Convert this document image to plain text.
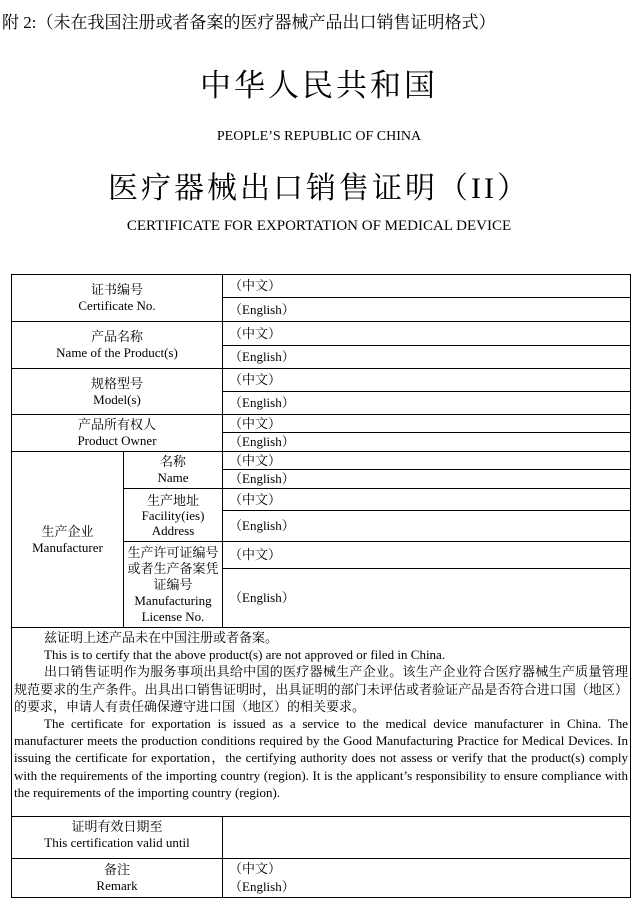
附 2:（未在我国注册或者备案的医疗器械产品出口销售证明格式）
中华人民共和国
PEOPLE’S REPUBLIC OF CHINA
医疗器械出口销售证明（II）
CERTIFICATE FOR EXPORTATION OF MEDICAL DEVICE
证书编号
Certificate No.
（中文）
（English）
产品名称
Name of the Product(s)
（中文）
（English）
规格型号
Model(s)
（中文）
（English）
产品所有权人
Product Owner
（中文）
（English）
生产企业
Manufacturer
名称
Name
（中文）
（English）
生产地址
Facility(ies) Address
（中文）
（English）
生产许可证编号或者生产备案凭证编号
Manufacturing License No.
（中文）
（English）
兹证明上述产品未在中国注册或者备案。
This is to certify that the above product(s) are not approved or filed in China.
出口销售证明作为服务事项出具给中国的医疗器械生产企业。该生产企业符合医疗器械生产质量管理规范要求的生产条件。出具出口销售证明时，出具证明的部门未评估或者验证产品是否符合进口国（地区）的要求，申请人有责任确保遵守进口国（地区）的相关要求。
The certificate for exportation is issued as a service to the medical device manufacturer in China. The manufacturer meets the production conditions required by the Good Manufacturing Practice for Medical Devices. In issuing the certificate for exportation，the certifying authority does not assess or verify that the product(s) comply with the requirements of the importing country (region). It is the applicant’s responsibility to ensure compliance with the requirements of the importing country (region).
证明有效日期至
This certification valid until
备注
Remark
（中文）
（English）
